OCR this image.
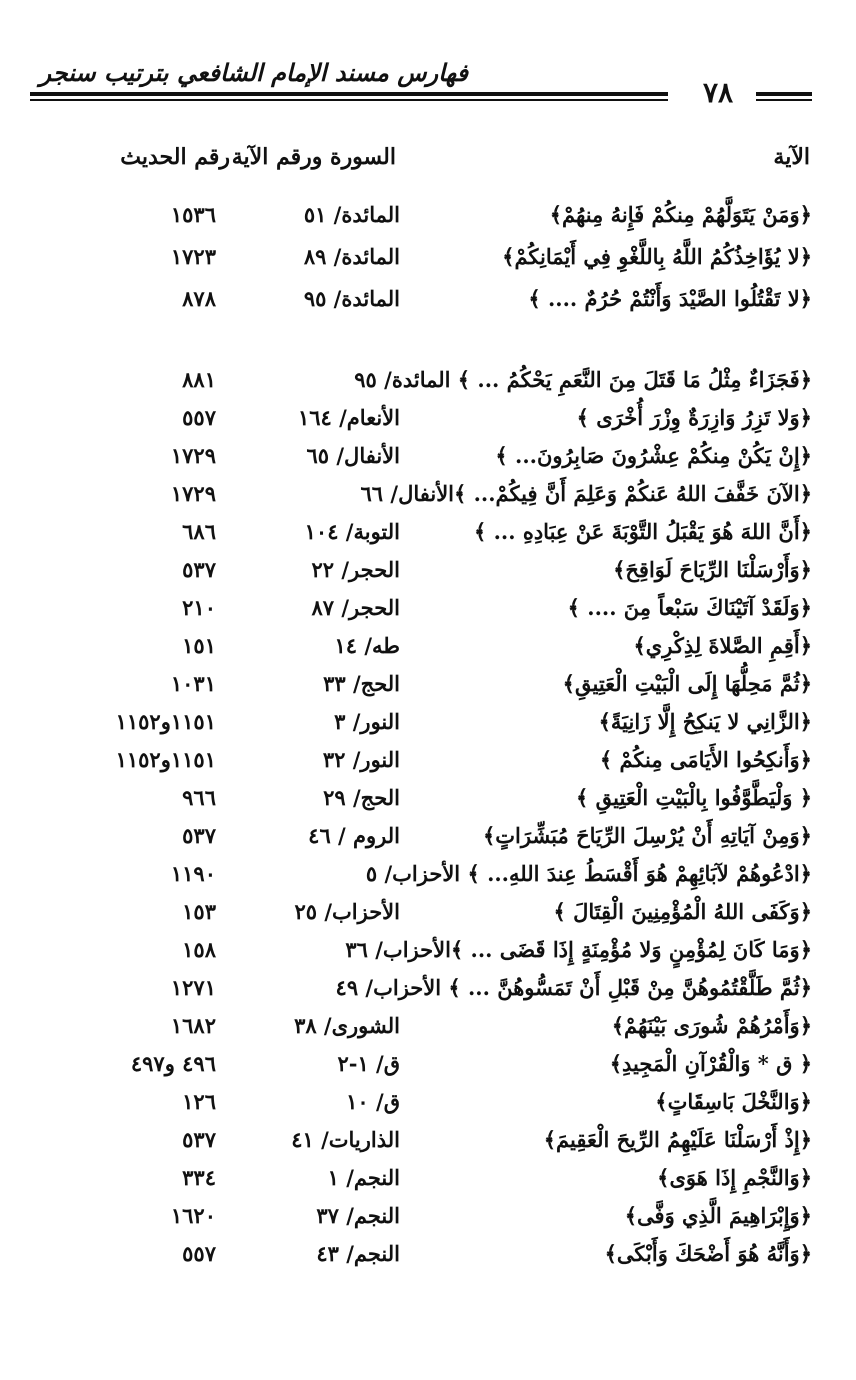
فهارس مسند الإمام الشافعي بترتيب سنجر
٧٨
الآية
السورة ورقم الآية
رقم الحديث
﴿وَمَنْ يَتَوَلَّهُمْ مِنكُمْ فَإِنهُ مِنهُمْ﴾
المائدة/ ٥١
١٥٣٦
﴿لا يُؤَاخِذُكُمُ اللَّهُ بِاللَّغْوِ فِي أَيْمَانِكُمْ﴾
المائدة/ ٨٩
١٧٢٣
﴿لا تَقْتُلُوا الصَّيْدَ وَأَنْتُمْ حُرُمٌ .... ﴾
المائدة/ ٩٥
٨٧٨
﴿فَجَزَاءٌ مِثْلُ مَا قَتَلَ مِنَ النَّعَمِ يَحْكُمُ ... ﴾ المائدة/ ٩٥
٨٨١
﴿وَلا تَزِرُ وَازِرَةٌ وِزْرَ أُخْرَى ﴾
الأنعام/ ١٦٤
٥٥٧
﴿إِنْ يَكُنْ مِنكُمْ عِشْرُونَ صَابِرُونَ... ﴾
الأنفال/ ٦٥
١٧٢٩
﴿الآنَ خَفَّفَ اللهُ عَنكُمْ وَعَلِمَ أَنَّ فِيكُمْ... ﴾الأنفال/ ٦٦
١٧٢٩
﴿أَنَّ اللهَ هُوَ يَقْبَلُ التَّوْبَةَ عَنْ عِبَادِهِ ... ﴾
التوبة/ ١٠٤
٦٨٦
﴿وَأَرْسَلْنَا الرِّيَاحَ لَوَاقِحَ﴾
الحجر/ ٢٢
٥٣٧
﴿وَلَقَدْ آتَيْنَاكَ سَبْعاً مِنَ .... ﴾
الحجر/ ٨٧
٢١٠
﴿أَقِمِ الصَّلاةَ لِذِكْرِي﴾
طه/ ١٤
١٥١
﴿ثُمَّ مَحِلُّهَا إِلَى الْبَيْتِ الْعَتِيقِ﴾
الحج/ ٣٣
١٠٣١
﴿الزَّانِي لا يَنكِحُ إِلَّا زَانِيَةً﴾
النور/ ٣
١١٥١و١١٥٢
﴿وَأَنكِحُوا الأَيَامَى مِنكُمْ ﴾
النور/ ٣٢
١١٥١و١١٥٢
﴿ وَلْيَطَّوَّفُوا بِالْبَيْتِ الْعَتِيقِ ﴾
الحج/ ٢٩
٩٦٦
﴿وَمِنْ آيَاتِهِ أَنْ يُرْسِلَ الرِّيَاحَ مُبَشِّرَاتٍ﴾
الروم / ٤٦
٥٣٧
﴿ادْعُوهُمْ لآبَائِهِمْ هُوَ أَقْسَطُ عِندَ اللهِ... ﴾ الأحزاب/ ٥
١١٩٠
﴿وَكَفَى اللهُ الْمُؤْمِنِينَ الْقِتَالَ ﴾
الأحزاب/ ٢٥
١٥٣
﴿وَمَا كَانَ لِمُؤْمِنٍ وَلا مُؤْمِنَةٍ إِذَا قَضَى ... ﴾الأحزاب/ ٣٦
١٥٨
﴿ثُمَّ طَلَّقْتُمُوهُنَّ مِنْ قَبْلِ أَنْ تَمَسُّوهُنَّ ... ﴾ الأحزاب/ ٤٩
١٢٧١
﴿وَأَمْرُهُمْ شُورَى بَيْنَهُمْ﴾
الشورى/ ٣٨
١٦٨٢
﴿ ق * وَالْقُرْآنِ الْمَجِيدِ﴾
ق/ ١-٢
٤٩٦ و٤٩٧
﴿وَالنَّخْلَ بَاسِقَاتٍ﴾
ق/ ١٠
١٢٦
﴿إِذْ أَرْسَلْنَا عَلَيْهِمُ الرِّيحَ الْعَقِيمَ﴾
الذاريات/ ٤١
٥٣٧
﴿وَالنَّجْمِ إِذَا هَوَى﴾
النجم/ ١
٣٣٤
﴿وَإِبْرَاهِيمَ الَّذِي وَفَّى﴾
النجم/ ٣٧
١٦٢٠
﴿وَأَنَّهُ هُوَ أَضْحَكَ وَأَبْكَى﴾
النجم/ ٤٣
٥٥٧
